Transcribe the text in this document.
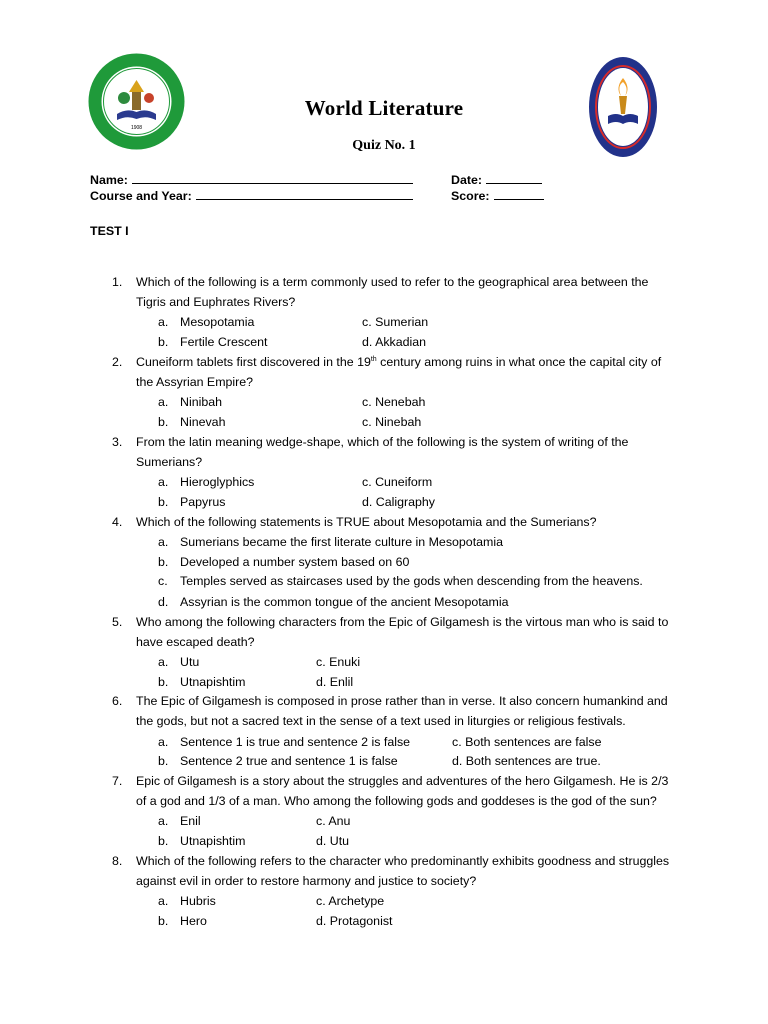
1908
World Literature
Quiz No. 1
Name:
Course and Year:
Date:
Score:
TEST I
1. Which of the following is a term commonly used to refer to the geographical area between the Tigris and Euphrates Rivers?
a. Mesopotamia	c. Sumerian
b. Fertile Crescent	d. Akkadian
2. Cuneiform tablets first discovered in the 19th century among ruins in what once the capital city of the Assyrian Empire?
a. Ninibah	c. Nenebah
b. Ninevah	c. Ninebah
3. From the latin meaning wedge-shape, which of the following is the system of writing of the Sumerians?
a. Hieroglyphics	c. Cuneiform
b. Papyrus	d. Caligraphy
4. Which of the following statements is TRUE about Mesopotamia and the Sumerians?
a. Sumerians became the first literate culture in Mesopotamia
b. Developed a number system based on 60
c. Temples served as staircases used by the gods when descending from the heavens.
d. Assyrian is the common tongue of the ancient Mesopotamia
5. Who among the following characters from the Epic of Gilgamesh is the virtous man who is said to have escaped death?
a. Utu	c. Enuki
b. Utnapishtim	d. Enlil
6. The Epic of Gilgamesh is composed in prose rather than in verse. It also concern humankind and the gods, but not a sacred text in the sense of a text used in liturgies or religious festivals.
a. Sentence 1 is true and sentence 2 is false	c. Both sentences are false
b. Sentence 2 true and sentence 1 is false	d. Both sentences are true.
7. Epic of Gilgamesh is a story about the struggles and adventures of the hero Gilgamesh. He is 2/3 of a god and 1/3 of a man. Who among the following gods and goddeses is the god of the sun?
a. Enil	c. Anu
b. Utnapishtim	d. Utu
8. Which of the following refers to the character who predominantly exhibits goodness and struggles against evil in order to restore harmony and justice to society?
a. Hubris	c. Archetype
b. Hero	d. Protagonist
